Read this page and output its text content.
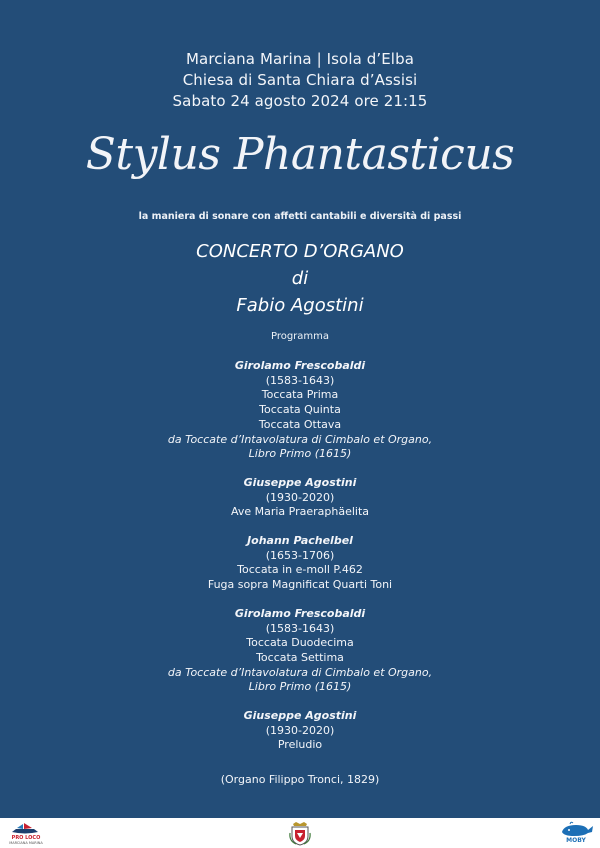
Marciana Marina | Isola d’Elba
Chiesa di Santa Chiara d’Assisi
Sabato 24 agosto 2024 ore 21:15
Stylus Phantasticus
la maniera di sonare con affetti cantabili e diversità di passi
CONCERTO D’ORGANO
di
Fabio Agostini
Programma
Girolamo Frescobaldi
(1583-1643)
Toccata Prima
Toccata Quinta
Toccata Ottava
da Toccate d’Intavolatura di Cimbalo et Organo,
Libro Primo (1615)
Giuseppe Agostini
(1930-2020)
Ave Maria Praeraphäelita
Johann Pachelbel
(1653-1706)
Toccata in e-moll P.462
Fuga sopra Magnificat Quarti Toni
Girolamo Frescobaldi
(1583-1643)
Toccata Duodecima
Toccata Settima
da Toccate d’Intavolatura di Cimbalo et Organo,
Libro Primo (1615)
Giuseppe Agostini
(1930-2020)
Preludio
(Organo Filippo Tronci, 1829)
PRO LOCO
MARCIANA MARINA	MOBY
